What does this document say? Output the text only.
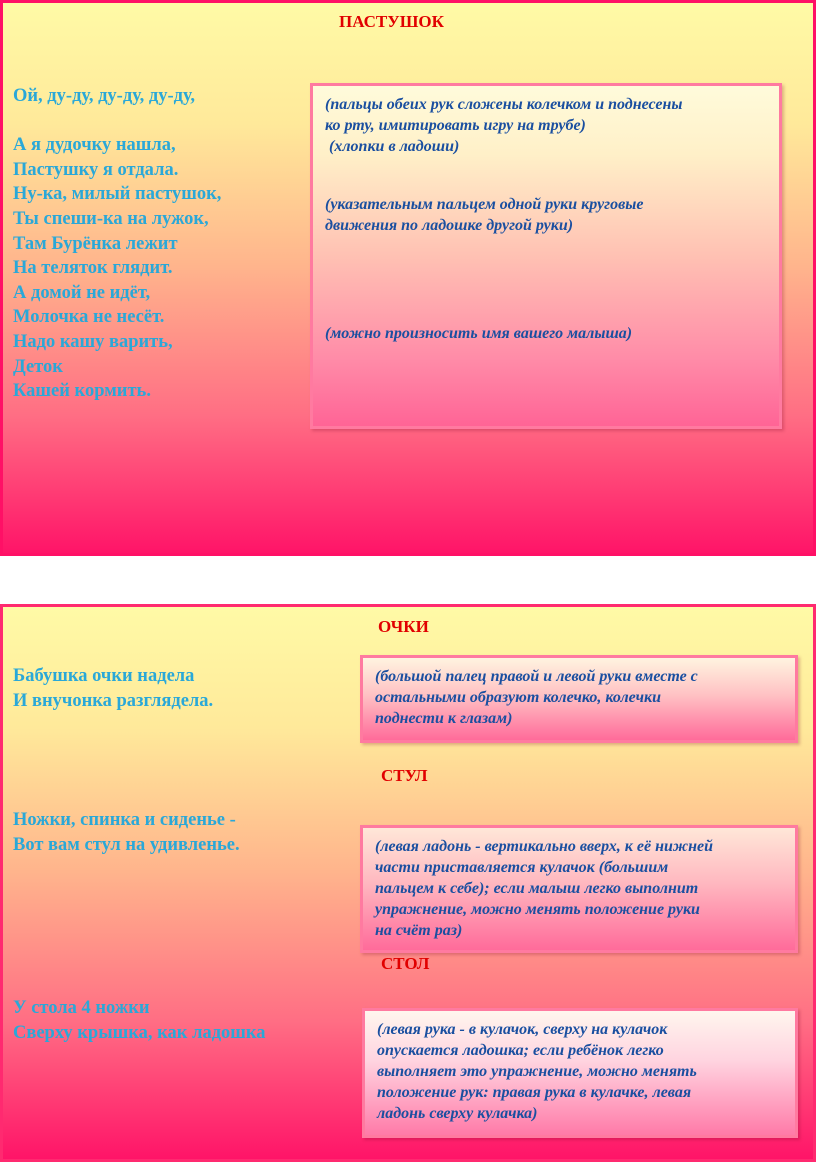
ПАСТУШОК
Ой, ду-ду, ду-ду, ду-ду,
А я дудочку нашла,
Пастушку я отдала.
Ну-ка, милый пастушок,
Ты спеши-ка на лужок,
Там Бурёнка лежит
На теляток глядит.
А домой не идёт,
Молочка не несёт.
Надо кашу варить,
Деток
Кашей кормить.
(пальцы обеих рук сложены колечком и поднесены
ко рту, имитировать игру на трубе)
(хлопки в ладоши)
(указательным пальцем одной руки круговые
движения по ладошке другой руки)
(можно произносить имя вашего малыша)
ОЧКИ
Бабушка очки надела
И внучонка разглядела.
(большой палец правой и левой руки вместе с
остальными образуют колечко, колечки
поднести к глазам)
СТУЛ
Ножки, спинка и сиденье -
Вот вам стул на удивленье.	(левая ладонь - вертикально вверх, к её нижней
части приставляется кулачок (большим
пальцем к себе); если малыш легко выполнит
упражнение, можно менять положение руки
на счёт раз)
СТОЛ
У стола 4 ножки
Сверху крышка, как ладошка	(левая рука - в кулачок, сверху на кулачок
опускается ладошка; если ребёнок легко
выполняет это упражнение, можно менять
положение рук: правая рука в кулачке, левая
ладонь сверху кулачка)
